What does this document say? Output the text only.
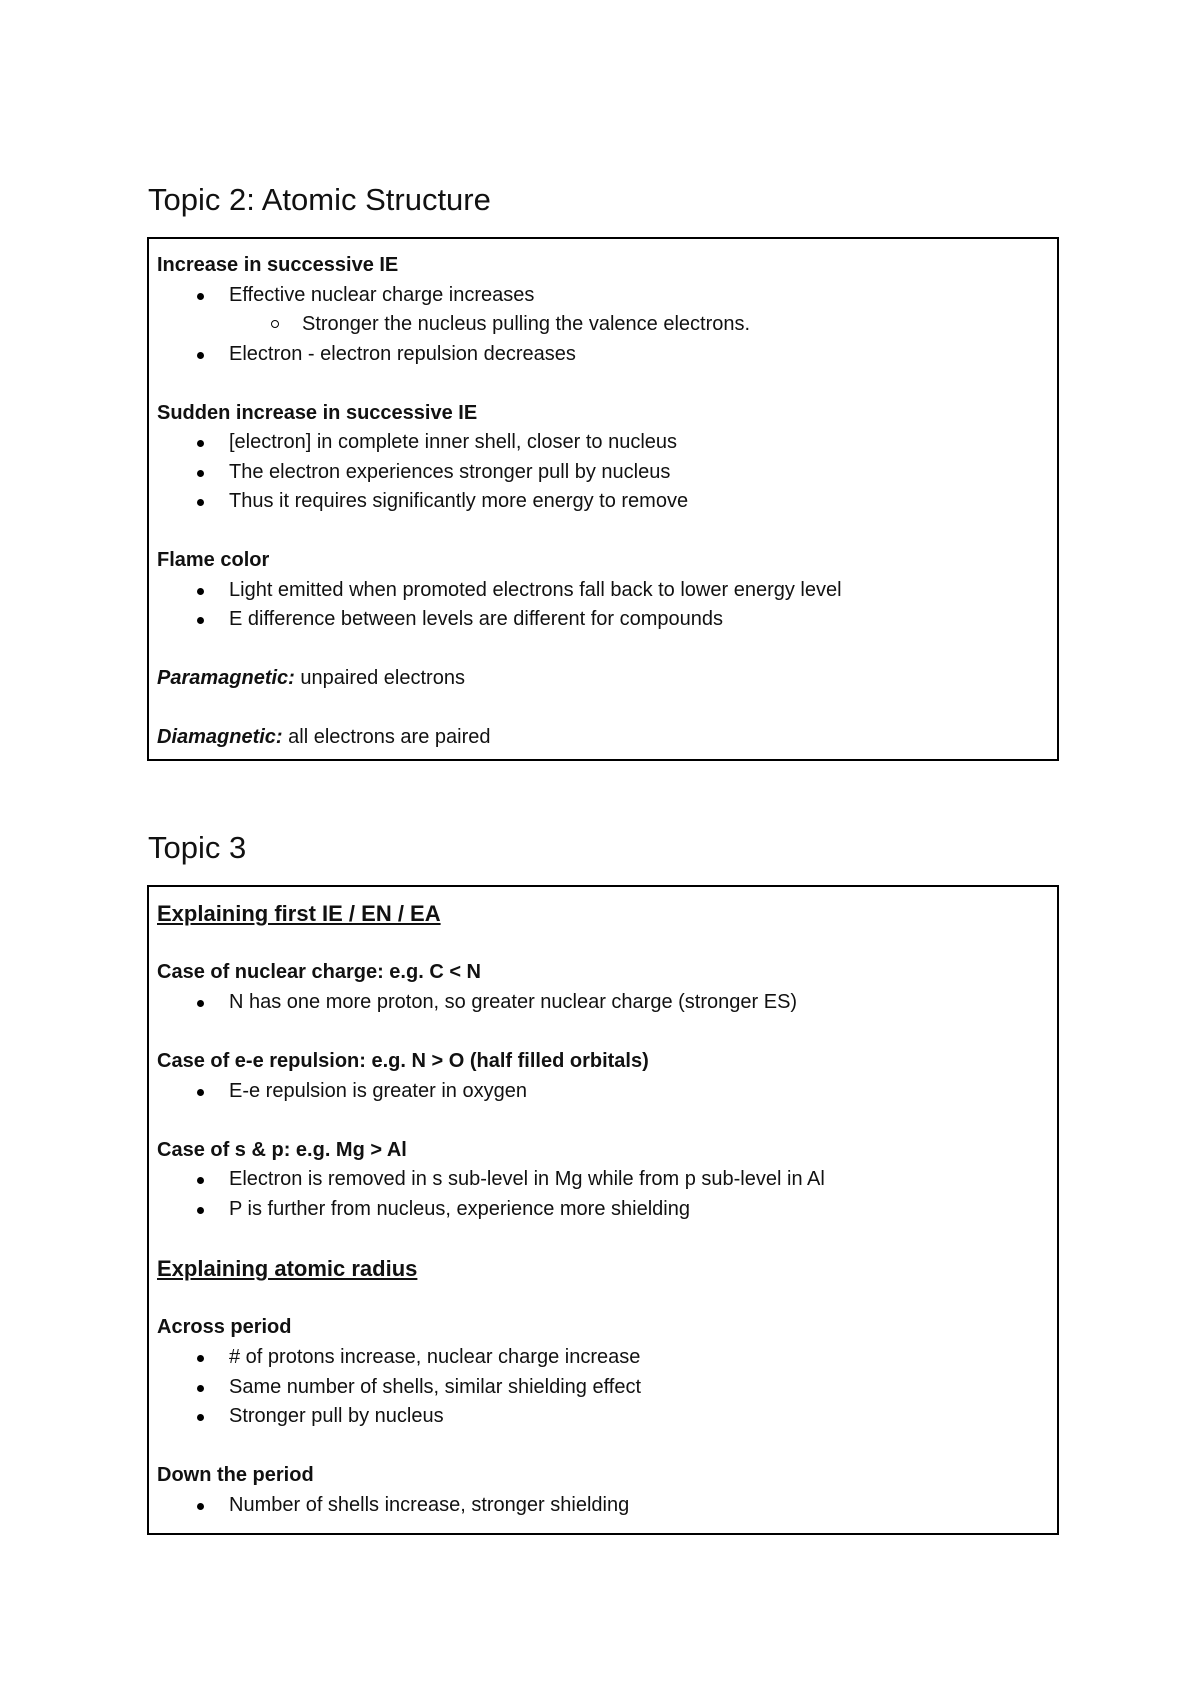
Topic 2: Atomic Structure
Increase in successive IE
Effective nuclear charge increases
Stronger the nucleus pulling the valence electrons.
Electron - electron repulsion decreases
Sudden increase in successive IE
[electron] in complete inner shell, closer to nucleus
The electron experiences stronger pull by nucleus
Thus it requires significantly more energy to remove
Flame color
Light emitted when promoted electrons fall back to lower energy level
E difference between levels are different for compounds
Paramagnetic: unpaired electrons
Diamagnetic: all electrons are paired
Topic 3
Explaining first IE / EN / EA
Case of nuclear charge: e.g. C < N
N has one more proton, so greater nuclear charge (stronger ES)
Case of e-e repulsion: e.g. N > O (half filled orbitals)
E-e repulsion is greater in oxygen
Case of s & p: e.g. Mg > Al
Electron is removed in s sub-level in Mg while from p sub-level in Al
P is further from nucleus, experience more shielding
Explaining atomic radius
Across period
# of protons increase, nuclear charge increase
Same number of shells, similar shielding effect
Stronger pull by nucleus
Down the period
Number of shells increase, stronger shielding
